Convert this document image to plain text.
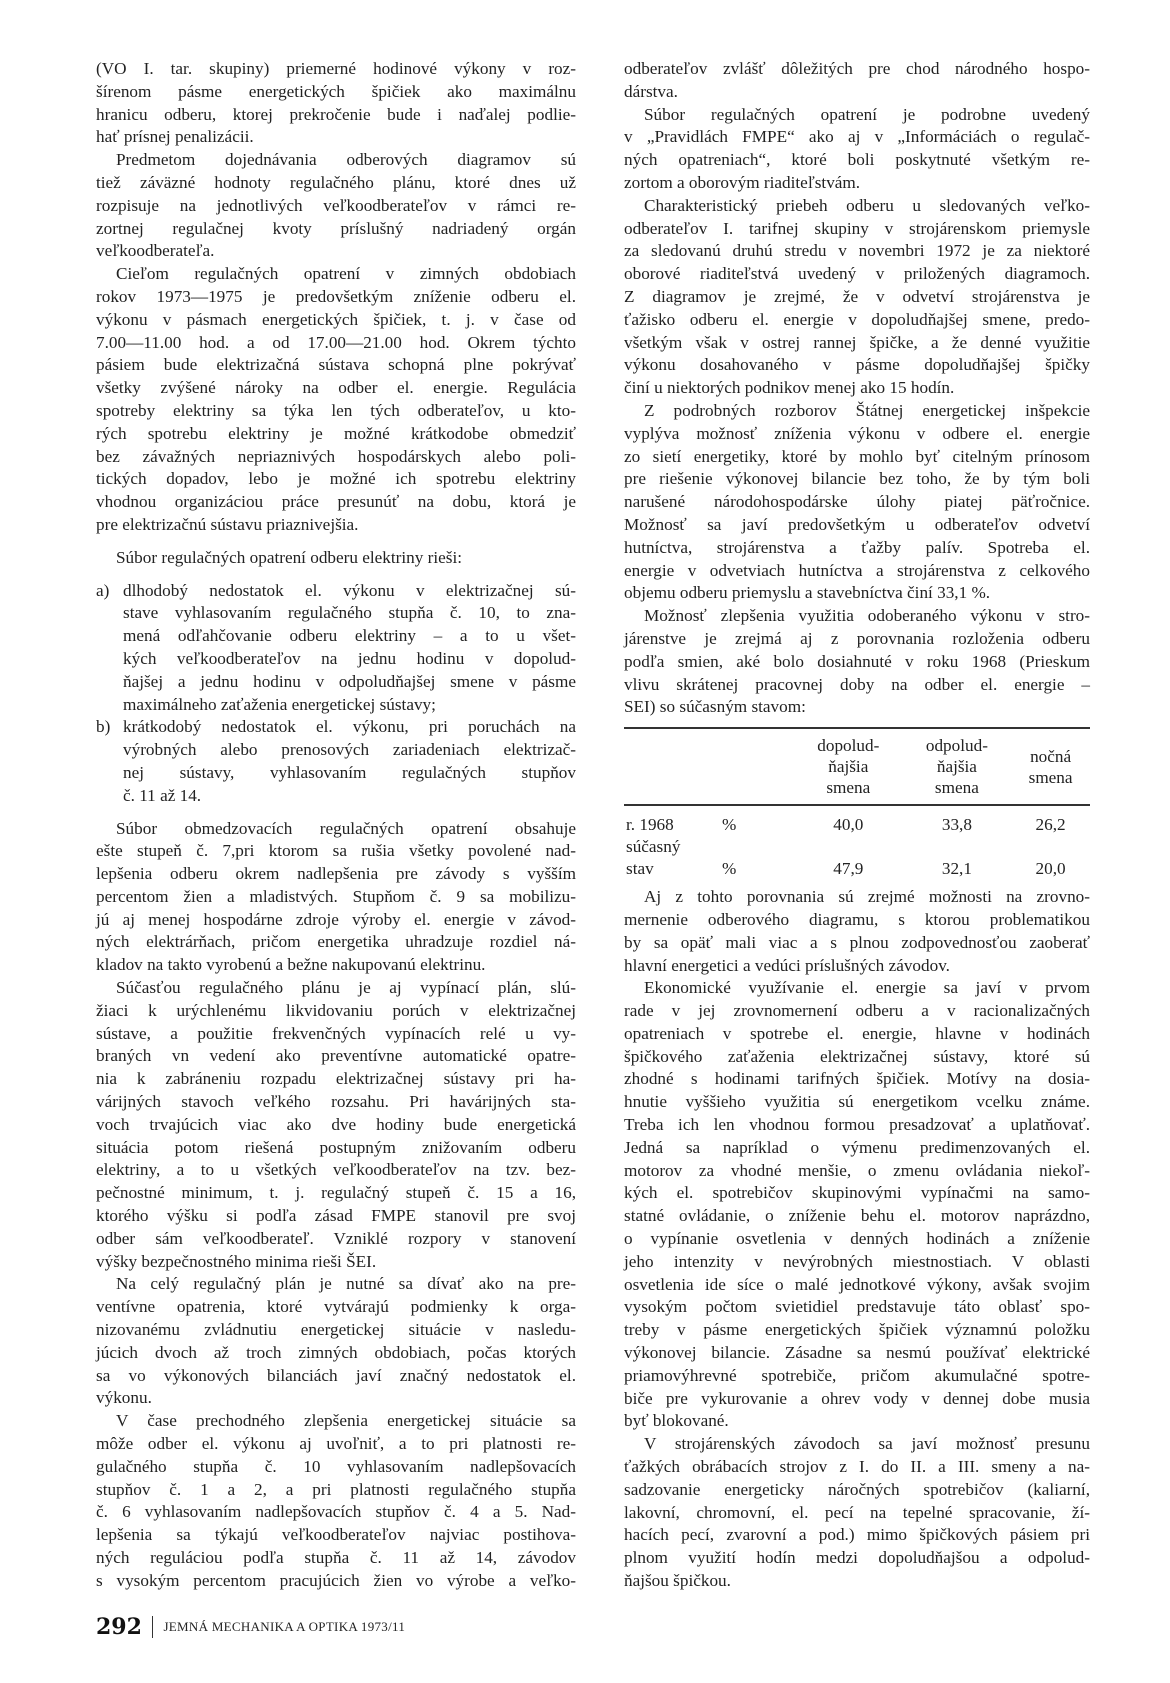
(VO I. tar. skupiny) priemerné hodinové výkony v roz-
šírenom pásme energetických špičiek ako maximálnu
hranicu odberu, ktorej prekročenie bude i naďalej podlie-
hať prísnej penalizácii.
Predmetom dojednávania odberových diagramov sú
tiež záväzné hodnoty regulačného plánu, ktoré dnes už
rozpisuje na jednotlivých veľkoodberateľov v rámci re-
zortnej regulačnej kvoty príslušný nadriadený orgán
veľkoodberateľa.
Cieľom regulačných opatrení v zimných obdobiach
rokov 1973—1975 je predovšetkým zníženie odberu el.
výkonu v pásmach energetických špičiek, t. j. v čase od
7.00—11.00 hod. a od 17.00—21.00 hod. Okrem týchto
pásiem bude elektrizačná sústava schopná plne pokrývať
všetky zvýšené nároky na odber el. energie. Regulácia
spotreby elektriny sa týka len tých odberateľov, u kto-
rých spotrebu elektriny je možné krátkodobe obmedziť
bez závažných nepriaznivých hospodárskych alebo poli-
tických dopadov, lebo je možné ich spotrebu elektriny
vhodnou organizáciou práce presunúť na dobu, ktorá je
pre elektrizačnú sústavu priaznivejšia.
Súbor regulačných opatrení odberu elektriny rieši:
a) dlhodobý nedostatok el. výkonu v elektrizačnej sú-
stave vyhlasovaním regulačného stupňa č. 10, to zna-
mená odľahčovanie odberu elektriny – a to u všet-
kých veľkoodberateľov na jednu hodinu v dopolud-
ňajšej a jednu hodinu v odpoludňajšej smene v pásme
maximálneho zaťaženia energetickej sústavy;
b) krátkodobý nedostatok el. výkonu, pri poruchách na
výrobných alebo prenosových zariadeniach elektrizač-
nej sústavy, vyhlasovaním regulačných stupňov
č. 11 až 14.
Súbor obmedzovacích regulačných opatrení obsahuje
ešte stupeň č. 7,pri ktorom sa rušia všetky povolené nad-
lepšenia odberu okrem nadlepšenia pre závody s vyšším
percentom žien a mladistvých. Stupňom č. 9 sa mobilizu-
jú aj menej hospodárne zdroje výroby el. energie v závod-
ných elektrárňach, pričom energetika uhradzuje rozdiel ná-
kladov na takto vyrobenú a bežne nakupovanú elektrinu.
Súčasťou regulačného plánu je aj vypínací plán, slú-
žiaci k urýchlenému likvidovaniu porúch v elektrizačnej
sústave, a použitie frekvenčných vypínacích relé u vy-
braných vn vedení ako preventívne automatické opatre-
nia k zabráneniu rozpadu elektrizačnej sústavy pri ha-
várijných stavoch veľkého rozsahu. Pri havárijných sta-
voch trvajúcich viac ako dve hodiny bude energetická
situácia potom riešená postupným znižovaním odberu
elektriny, a to u všetkých veľkoodberateľov na tzv. bez-
pečnostné minimum, t. j. regulačný stupeň č. 15 a 16,
ktorého výšku si podľa zásad FMPE stanovil pre svoj
odber sám veľkoodberateľ. Vzniklé rozpory v stanovení
výšky bezpečnostného minima rieši ŠEI.
Na celý regulačný plán je nutné sa dívať ako na pre-
ventívne opatrenia, ktoré vytvárajú podmienky k orga-
nizovanému zvládnutiu energetickej situácie v nasledu-
júcich dvoch až troch zimných obdobiach, počas ktorých
sa vo výkonových bilanciách javí značný nedostatok el.
výkonu.
V čase prechodného zlepšenia energetickej situácie sa
môže odber el. výkonu aj uvoľniť, a to pri platnosti re-
gulačného stupňa č. 10 vyhlasovaním nadlepšovacích
stupňov č. 1 a 2, a pri platnosti regulačného stupňa
č. 6 vyhlasovaním nadlepšovacích stupňov č. 4 a 5. Nad-
lepšenia sa týkajú veľkoodberateľov najviac postihova-
ných reguláciou podľa stupňa č. 11 až 14, závodov
s vysokým percentom pracujúcich žien vo výrobe a veľko-
odberateľov zvlášť dôležitých pre chod národného hospo-
dárstva.
Súbor regulačných opatrení je podrobne uvedený
v „Pravidlách FMPE“ ako aj v „Informáciách o regulač-
ných opatreniach“, ktoré boli poskytnuté všetkým re-
zortom a oborovým riaditeľstvám.
Charakteristický priebeh odberu u sledovaných veľko-
odberateľov I. tarifnej skupiny v strojárenskom priemysle
za sledovanú druhú stredu v novembri 1972 je za niektoré
oborové riaditeľstvá uvedený v priložených diagramoch.
Z diagramov je zrejmé, že v odvetví strojárenstva je
ťažisko odberu el. energie v dopoludňajšej smene, predo-
všetkým však v ostrej rannej špičke, a že denné využitie
výkonu dosahovaného v pásme dopoludňajšej špičky
činí u niektorých podnikov menej ako 15 hodín.
Z podrobných rozborov Štátnej energetickej inšpekcie
vyplýva možnosť zníženia výkonu v odbere el. energie
zo sietí energetiky, ktoré by mohlo byť citelným prínosom
pre riešenie výkonovej bilancie bez toho, že by tým boli
narušené národohospodárske úlohy piatej päťročnice.
Možnosť sa javí predovšetkým u odberateľov odvetví
hutníctva, strojárenstva a ťažby palív. Spotreba el.
energie v odvetviach hutníctva a strojárenstva z celkového
objemu odberu priemyslu a stavebníctva činí 33,1 %.
Možnosť zlepšenia využitia odoberaného výkonu v stro-
járenstve je zrejmá aj z porovnania rozloženia odberu
podľa smien, aké bolo dosiahnuté v roku 1968 (Prieskum
vlivu skrátenej pracovnej doby na odber el. energie –
SEI) so súčasným stavom:
		dopolud-
ňajšia
smena	odpolud-
ňajšia
smena	nočná
smena
r. 1968	%	40,0	33,8	26,2
súčasný
stav	%	47,9	32,1	20,0
Aj z tohto porovnania sú zrejmé možnosti na zrovno-
mernenie odberového diagramu, s ktorou problematikou
by sa opäť mali viac a s plnou zodpovednosťou zaoberať
hlavní energetici a vedúci príslušných závodov.
Ekonomické využívanie el. energie sa javí v prvom
rade v jej zrovnomernení odberu a v racionalizačných
opatreniach v spotrebe el. energie, hlavne v hodinách
špičkového zaťaženia elektrizačnej sústavy, ktoré sú
zhodné s hodinami tarifných špičiek. Motívy na dosia-
hnutie vyššieho využitia sú energetikom vcelku známe.
Treba ich len vhodnou formou presadzovať a uplatňovať.
Jedná sa napríklad o výmenu predimenzovaných el.
motorov za vhodné menšie, o zmenu ovládania niekoľ-
kých el. spotrebičov skupinovými vypínačmi na samo-
statné ovládanie, o zníženie behu el. motorov naprázdno,
o vypínanie osvetlenia v denných hodinách a zníženie
jeho intenzity v nevýrobných miestnostiach. V oblasti
osvetlenia ide síce o malé jednotkové výkony, avšak svojim
vysokým počtom svietidiel predstavuje táto oblasť spo-
treby v pásme energetických špičiek významnú položku
výkonovej bilancie. Zásadne sa nesmú používať elektrické
priamovýhrevné spotrebiče, pričom akumulačné spotre-
biče pre vykurovanie a ohrev vody v dennej dobe musia
byť blokované.
V strojárenských závodoch sa javí možnosť presunu
ťažkých obrábacích strojov z I. do II. a III. smeny a na-
sadzovanie energeticky náročných spotrebičov (kaliarní,
lakovní, chromovní, el. pecí na tepelné spracovanie, ží-
hacích pecí, zvarovní a pod.) mimo špičkových pásiem pri
plnom využití hodín medzi dopoludňajšou a odpolud-
ňajšou špičkou.
292 JEMNÁ MECHANIKA A OPTIKA 1973/11
